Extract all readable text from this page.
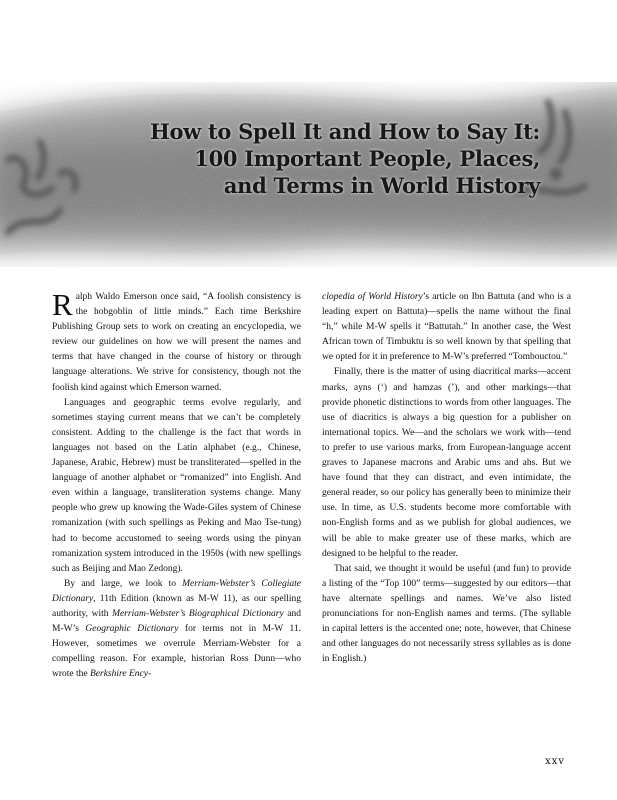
How to Spell It and How to Say It:
100 Important People, Places,
and Terms in World History

Ralph Waldo Emerson once said, “A foolish consistency is the hobgoblin of little minds.” Each time Berkshire Publishing Group sets to work on creating an encyclopedia, we review our guidelines on how we will present the names and terms that have changed in the course of history or through language alterations. We strive for consistency, though not the foolish kind against which Emerson warned.

Languages and geographic terms evolve regularly, and sometimes staying current means that we can’t be completely consistent. Adding to the challenge is the fact that words in languages not based on the Latin alphabet (e.g., Chinese, Japanese, Arabic, Hebrew) must be transliterated—spelled in the language of another alphabet or “romanized” into English. And even within a language, transliteration systems change. Many people who grew up knowing the Wade-Giles system of Chinese romanization (with such spellings as Peking and Mao Tse-tung) had to become accustomed to seeing words using the pinyan romanization system introduced in the 1950s (with new spellings such as Beijing and Mao Zedong).

By and large, we look to Merriam-Webster’s Collegiate Dictionary, 11th Edition (known as M-W 11), as our spelling authority, with Merriam-Webster’s Biographical Dictionary and M-W’s Geographic Dictionary for terms not in M-W 11. However, sometimes we overrule Merriam-Webster for a compelling reason. For example, historian Ross Dunn—who wrote the Berkshire Ency-

clopedia of World History’s article on Ibn Battuta (and who is a leading expert on Battuta)—spells the name without the final “h,” while M-W spells it “Battutah.” In another case, the West African town of Timbuktu is so well known by that spelling that we opted for it in preference to M-W’s preferred “Tombouctou.”

Finally, there is the matter of using diacritical marks—accent marks, ayns (‘) and hamzas (’), and other markings—that provide phonetic distinctions to words from other languages. The use of diacritics is always a big question for a publisher on international topics. We—and the scholars we work with—tend to prefer to use various marks, from European-language accent graves to Japanese macrons and Arabic ums and ahs. But we have found that they can distract, and even intimidate, the general reader, so our policy has generally been to minimize their use. In time, as U.S. students become more comfortable with non-English forms and as we publish for global audiences, we will be able to make greater use of these marks, which are designed to be helpful to the reader.

That said, we thought it would be useful (and fun) to provide a listing of the “Top 100” terms—suggested by our editors—that have alternate spellings and names. We’ve also listed pronunciations for non-English names and terms. (The syllable in capital letters is the accented one; note, however, that Chinese and other languages do not necessarily stress syllables as is done in English.)

xxv
